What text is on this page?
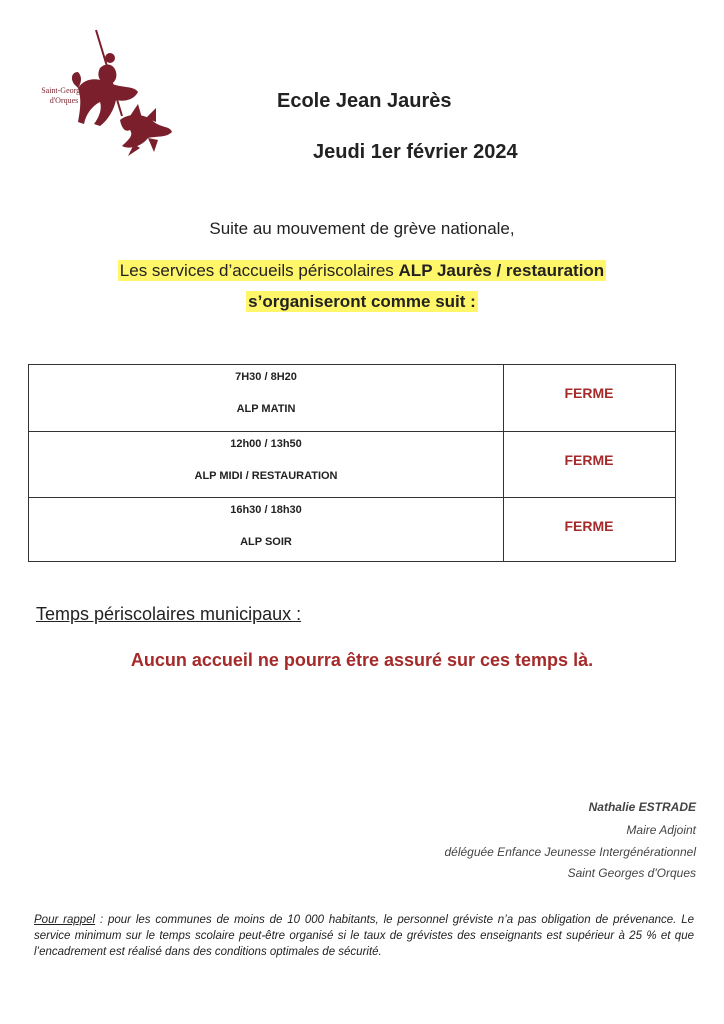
Saint-Georges
d'Orques	Ecole Jean Jaurès
Jeudi 1er février 2024
Suite au mouvement de grève nationale,
Les services d’accueils périscolaires ALP Jaurès / restauration
s’organiseront comme suit :
7H30 / 8H20
ALP MATIN
FERME
12h00 / 13h50
ALP MIDI / RESTAURATION
FERME
16h30 / 18h30
ALP SOIR
FERME
Temps périscolaires municipaux :
Aucun accueil ne pourra être assuré sur ces temps là.
Nathalie ESTRADE
Maire Adjoint
déléguée Enfance Jeunesse Intergénérationnel
Saint Georges d'Orques
Pour rappel : pour les communes de moins de 10 000 habitants, le personnel gréviste n’a pas obligation de prévenance. Le service minimum sur le temps scolaire peut-être organisé si le taux de grévistes des enseignants est supérieur à 25 % et que l’encadrement est réalisé dans des conditions optimales de sécurité.
